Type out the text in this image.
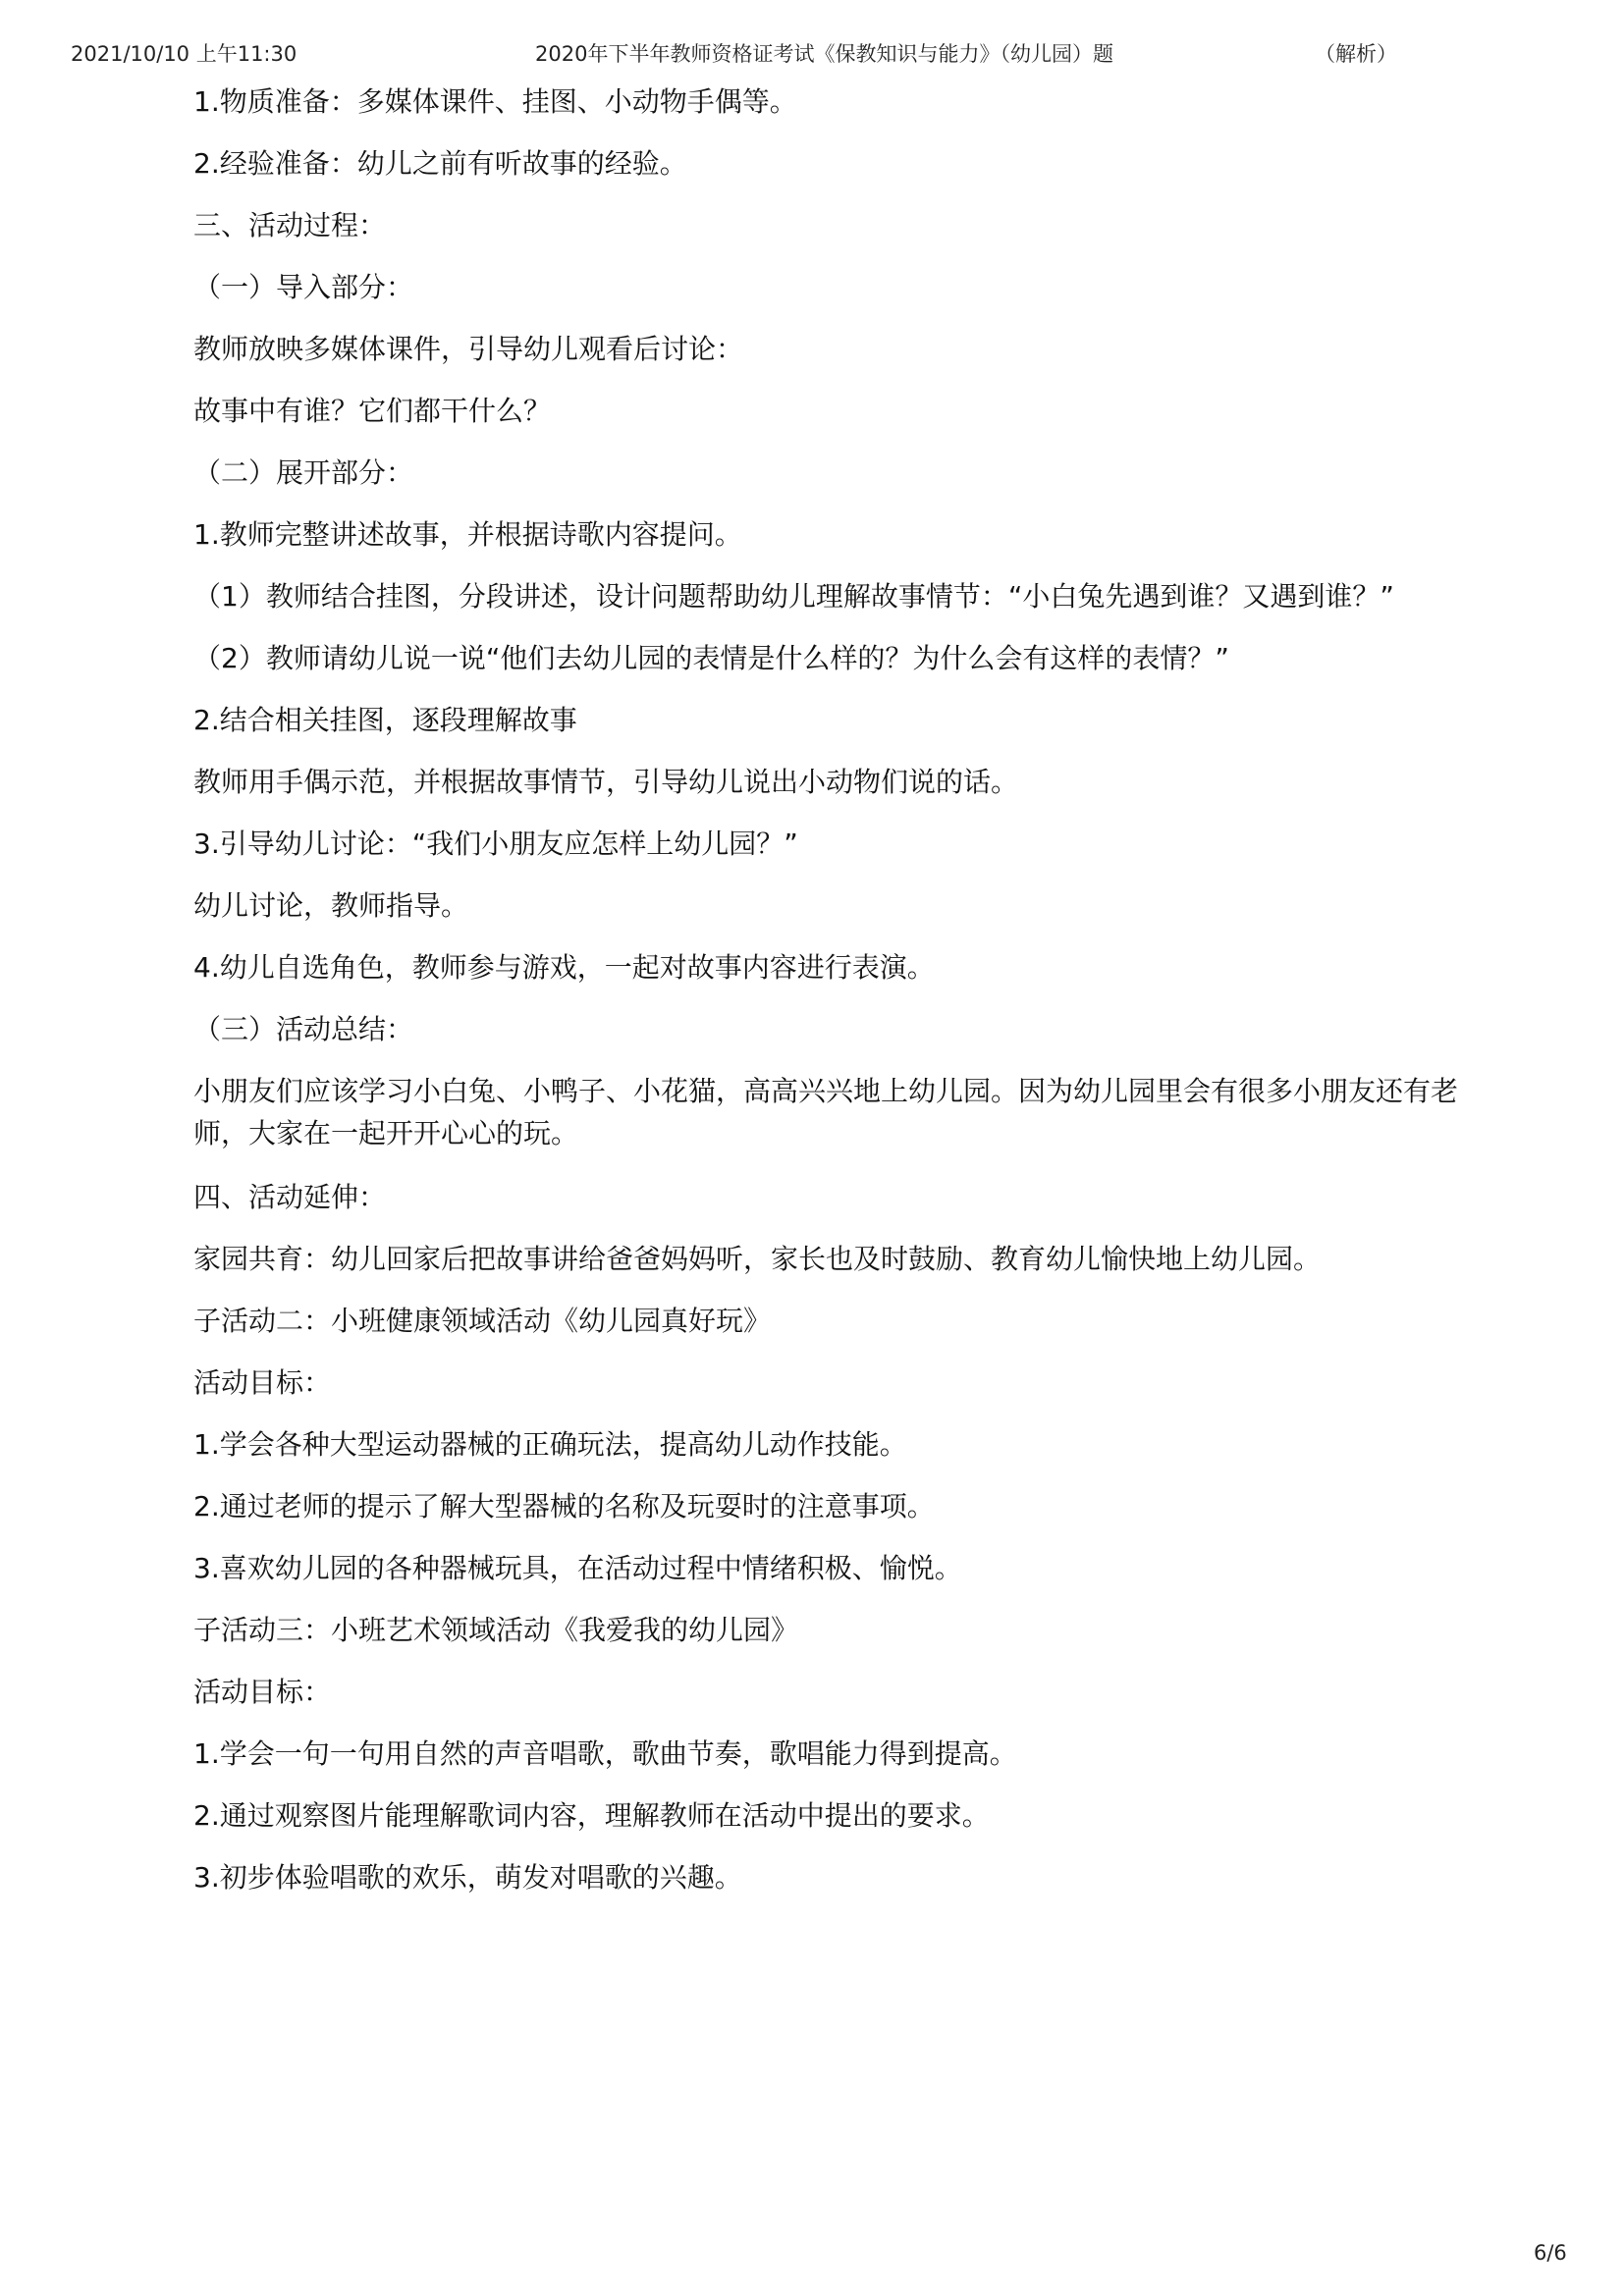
2021/10/10 上午11:30	2020年下半年教师资格证考试《保教知识与能力》（幼儿园）题	（解析）

1.物质准备：多媒体课件、挂图、小动物手偶等。

2.经验准备：幼儿之前有听故事的经验。

三、活动过程：

（一）导入部分：

教师放映多媒体课件，引导幼儿观看后讨论：

故事中有谁？它们都干什么？

（二）展开部分：

1.教师完整讲述故事，并根据诗歌内容提问。

（1）教师结合挂图，分段讲述，设计问题帮助幼儿理解故事情节：“小白兔先遇到谁？又遇到谁？”

（2）教师请幼儿说一说“他们去幼儿园的表情是什么样的？为什么会有这样的表情？”

2.结合相关挂图，逐段理解故事

教师用手偶示范，并根据故事情节，引导幼儿说出小动物们说的话。

3.引导幼儿讨论：“我们小朋友应怎样上幼儿园？”

幼儿讨论，教师指导。

4.幼儿自选角色，教师参与游戏，一起对故事内容进行表演。

（三）活动总结：

小朋友们应该学习小白兔、小鸭子、小花猫，高高兴兴地上幼儿园。因为幼儿园里会有很多小朋友还有老师，大家在一起开开心心的玩。

四、活动延伸：

家园共育：幼儿回家后把故事讲给爸爸妈妈听，家长也及时鼓励、教育幼儿愉快地上幼儿园。

子活动二：小班健康领域活动《幼儿园真好玩》

活动目标：

1.学会各种大型运动器械的正确玩法，提高幼儿动作技能。

2.通过老师的提示了解大型器械的名称及玩耍时的注意事项。

3.喜欢幼儿园的各种器械玩具，在活动过程中情绪积极、愉悦。

子活动三：小班艺术领域活动《我爱我的幼儿园》

活动目标：

1.学会一句一句用自然的声音唱歌，歌曲节奏，歌唱能力得到提高。

2.通过观察图片能理解歌词内容，理解教师在活动中提出的要求。

3.初步体验唱歌的欢乐，萌发对唱歌的兴趣。

6/6
